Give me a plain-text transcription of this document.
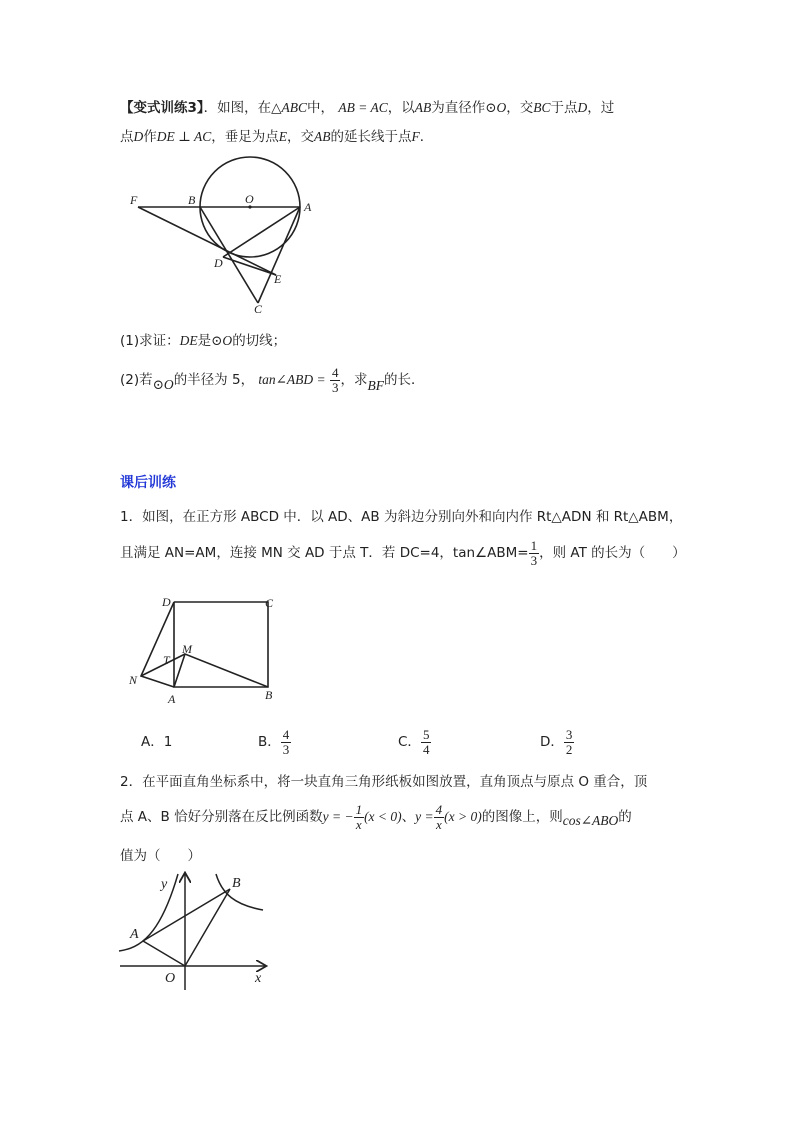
【变式训练3】．如图，在△ABC中， AB = AC，以AB为直径作⊙O，交BC于点D，过
点D作DE ⊥ AC，垂足为点E，交AB的延长线于点F．
F	B	O
A
D
E
C
(1)求证：DE是⊙O的切线；
(2)若⊙O的半径为 5， tan∠ABD = $\frac{4}{3}$ ，求BF的长．
课后训练
1．如图，在正方形 ABCD 中．以 AD、AB 为斜边分别向外和向内作 Rt△ADN 和 Rt△ABM，
且满足 AN=AM，连接 MN 交 AD 于点 T．若 DC=4，tan∠ABM= $\frac{1}{3}$ ，则 AT 的长为（　　）
D	C
M
T
N
A	B
A．1	B． $\frac{4}{3}$	C． $\frac{5}{4}$	D． $\frac{3}{2}$
2．在平面直角坐标系中，将一块直角三角形纸板如图放置，直角顶点与原点 O 重合，顶
点 A、B 恰好分别落在反比例函数y = − $\frac{1}{x} (x < 0)$、$y = \frac{4}{x} (x > 0)$的图像上，则cos∠ABO的
值为（　　）
y
x
O
A
B
